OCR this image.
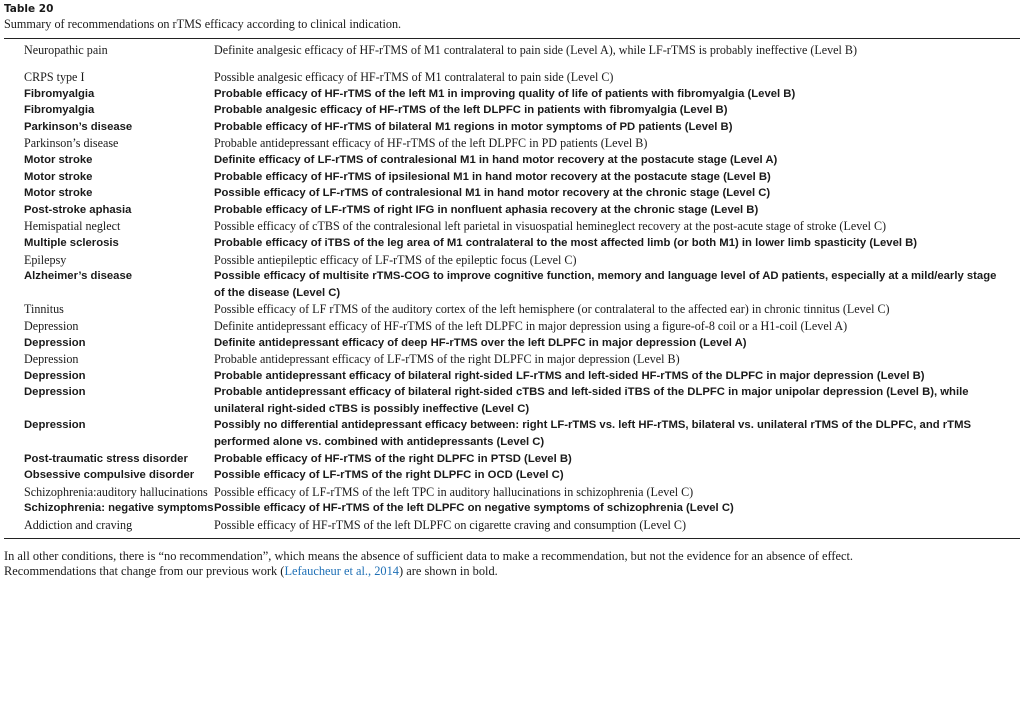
Table 20
Summary of recommendations on rTMS efficacy according to clinical indication.
Neuropathic pain	Definite analgesic efficacy of HF-rTMS of M1 contralateral to pain side (Level A), while LF-rTMS is probably ineffective (Level B)
CRPS type I	Possible analgesic efficacy of HF-rTMS of M1 contralateral to pain side (Level C)
Fibromyalgia	Probable efficacy of HF-rTMS of the left M1 in improving quality of life of patients with fibromyalgia (Level B)
Fibromyalgia	Probable analgesic efficacy of HF-rTMS of the left DLPFC in patients with fibromyalgia (Level B)
Parkinson’s disease	Probable efficacy of HF-rTMS of bilateral M1 regions in motor symptoms of PD patients (Level B)
Parkinson’s disease	Probable antidepressant efficacy of HF-rTMS of the left DLPFC in PD patients (Level B)
Motor stroke	Definite efficacy of LF-rTMS of contralesional M1 in hand motor recovery at the postacute stage (Level A)
Motor stroke	Probable efficacy of HF-rTMS of ipsilesional M1 in hand motor recovery at the postacute stage (Level B)
Motor stroke	Possible efficacy of LF-rTMS of contralesional M1 in hand motor recovery at the chronic stage (Level C)
Post-stroke aphasia	Probable efficacy of LF-rTMS of right IFG in nonfluent aphasia recovery at the chronic stage (Level B)
Hemispatial neglect	Possible efficacy of cTBS of the contralesional left parietal in visuospatial hemineglect recovery at the post-acute stage of stroke (Level C)
Multiple sclerosis	Probable efficacy of iTBS of the leg area of M1 contralateral to the most affected limb (or both M1) in lower limb spasticity (Level B)
Epilepsy	Possible antiepileptic efficacy of LF-rTMS of the epileptic focus (Level C)
Alzheimer’s disease	Possible efficacy of multisite rTMS-COG to improve cognitive function, memory and language level of AD patients, especially at a mild/early stage of the disease (Level C)
Tinnitus	Possible efficacy of LF rTMS of the auditory cortex of the left hemisphere (or contralateral to the affected ear) in chronic tinnitus (Level C)
Depression	Definite antidepressant efficacy of HF-rTMS of the left DLPFC in major depression using a figure-of-8 coil or a H1-coil (Level A)
Depression	Definite antidepressant efficacy of deep HF-rTMS over the left DLPFC in major depression (Level A)
Depression	Probable antidepressant efficacy of LF-rTMS of the right DLPFC in major depression (Level B)
Depression	Probable antidepressant efficacy of bilateral right-sided LF-rTMS and left-sided HF-rTMS of the DLPFC in major depression (Level B)
Depression	Probable antidepressant efficacy of bilateral right-sided cTBS and left-sided iTBS of the DLPFC in major unipolar depression (Level B), while unilateral right-sided cTBS is possibly ineffective (Level C)
Depression	Possibly no differential antidepressant efficacy between: right LF-rTMS vs. left HF-rTMS, bilateral vs. unilateral rTMS of the DLPFC, and rTMS performed alone vs. combined with antidepressants (Level C)
Post-traumatic stress disorder	Probable efficacy of HF-rTMS of the right DLPFC in PTSD (Level B)
Obsessive compulsive disorder	Possible efficacy of LF-rTMS of the right DLPFC in OCD (Level C)
Schizophrenia:auditory hallucinations	Possible efficacy of LF-rTMS of the left TPC in auditory hallucinations in schizophrenia (Level C)
Schizophrenia: negative symptoms	Possible efficacy of HF-rTMS of the left DLPFC on negative symptoms of schizophrenia (Level C)
Addiction and craving	Possible efficacy of HF-rTMS of the left DLPFC on cigarette craving and consumption (Level C)
In all other conditions, there is “no recommendation”, which means the absence of sufficient data to make a recommendation, but not the evidence for an absence of effect.
Recommendations that change from our previous work (Lefaucheur et al., 2014) are shown in bold.
